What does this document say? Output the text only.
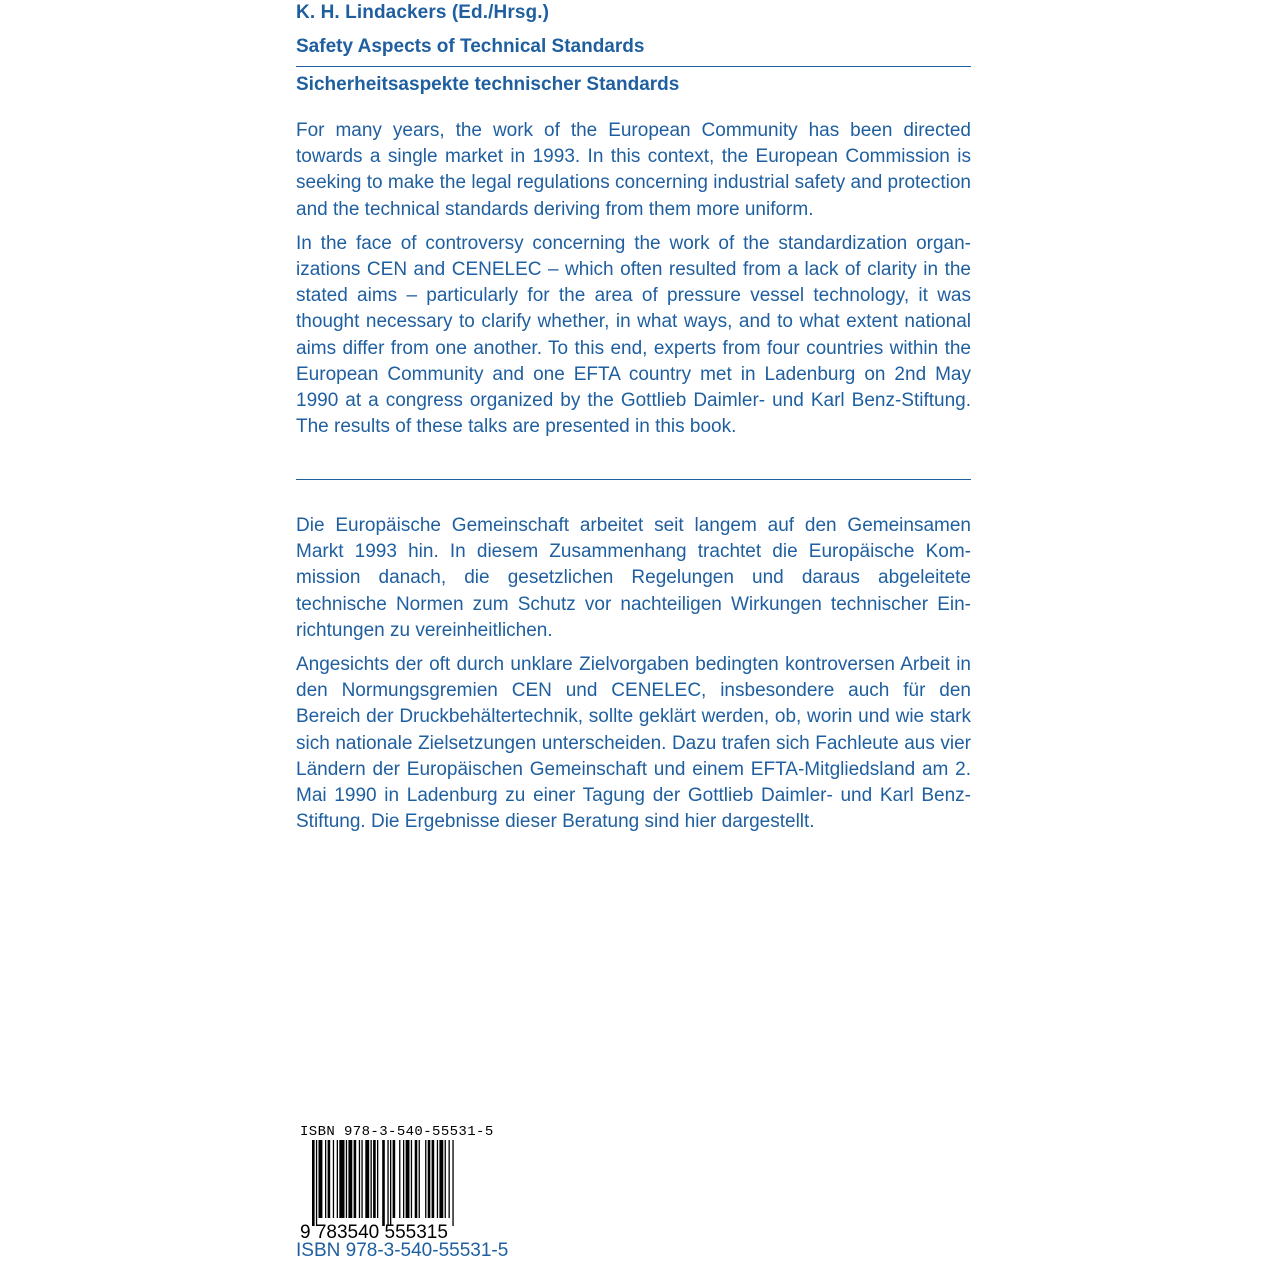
K. H. Lindackers (Ed./Hrsg.)
Safety Aspects of Technical Standards
Sicherheitsaspekte technischer Standards

For many years, the work of the European Community has been directed towards a single market in 1993. In this context, the European Commission is seeking to make the legal regulations concerning industrial safety and protection and the technical standards deriving from them more uniform.

In the face of controversy concerning the work of the standardization organizations CEN and CENELEC – which often resulted from a lack of clarity in the stated aims – particularly for the area of pressure vessel technology, it was thought necessary to clarify whether, in what ways, and to what extent national aims differ from one another. To this end, experts from four countries within the European Community and one EFTA country met in Ladenburg on 2nd May 1990 at a congress organized by the Gottlieb Daimler- und Karl Benz-Stiftung. The results of these talks are presented in this book.

Die Europäische Gemeinschaft arbeitet seit langem auf den Gemeinsamen Markt 1993 hin. In diesem Zusammenhang trachtet die Europäische Kommission danach, die gesetzlichen Regelungen und daraus abgeleitete technische Normen zum Schutz vor nachteiligen Wirkungen technischer Einrichtungen zu vereinheitlichen.

Angesichts der oft durch unklare Zielvorgaben bedingten kontroversen Arbeit in den Normungsgremien CEN und CENELEC, insbesondere auch für den Bereich der Druckbehältertechnik, sollte geklärt werden, ob, worin und wie stark sich nationale Zielsetzungen unterscheiden. Dazu trafen sich Fachleute aus vier Ländern der Europäischen Gemeinschaft und einem EFTA-Mitgliedsland am 2. Mai 1990 in Ladenburg zu einer Tagung der Gottlieb Daimler- und Karl Benz-Stiftung. Die Ergebnisse dieser Beratung sind hier dargestellt.

ISBN 978-3-540-55531-5
9 783540 555315
ISBN 978-3-540-55531-5
